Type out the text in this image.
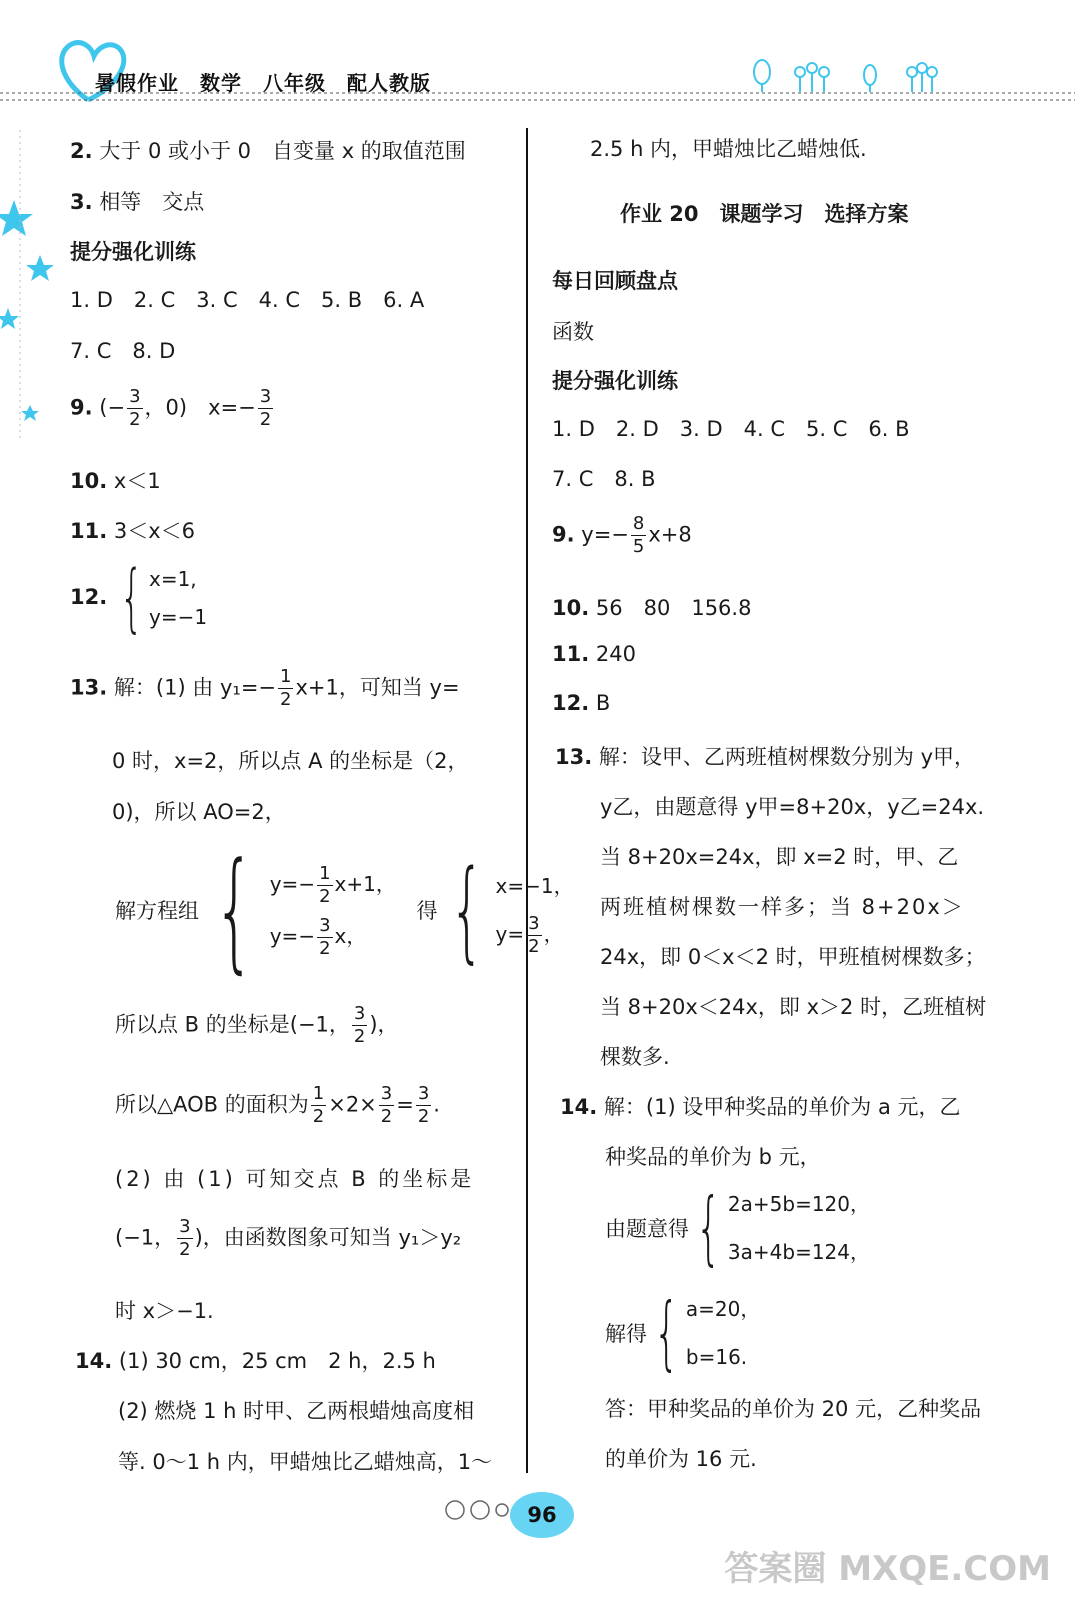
暑假作业　数学　八年级　配人教版
2. 大于 0 或小于 0　自变量 x 的取值范围
3. 相等　交点
提分强化训练
1. D　2. C　3. C　4. C　5. B　6. A
7. C　8. D
9. (− $\frac{3}{2}$ ，0)　$x=- \frac{3}{2}$
10. x＜1
11. 3＜x＜6
12. { x=1,
y=−1
13. 解：(1) 由 $y_1=- \frac{1}{2} x+1$，可知当 y=
0 时，x=2，所以点 A 的坐标是（2，
0)，所以 AO=2，
解方程组 { $y=- \frac{1}{2} x+1$，
$y=- \frac{3}{2}$ x，
得 { x=−1，
$y= \frac{3}{2}$ ，
所以点 B 的坐标是(−1， $\frac{3}{2}$ )，
所以△AOB 的面积为 $\frac{1}{2} \times 2\times \frac{3}{2} = \frac{3}{2}$ .
(2) 由 (1) 可知交点 B 的坐标是
(−1， $\frac{3}{2}$ )，由函数图象可知当 y₁＞y₂
时 x＞−1.
14. (1) 30 cm，25 cm　2 h，2.5 h
(2) 燃烧 1 h 时甲、乙两根蜡烛高度相
等. 0～1 h 内，甲蜡烛比乙蜡烛高，1～
2.5 h 内，甲蜡烛比乙蜡烛低.
作业 20　课题学习　选择方案
每日回顾盘点
函数
提分强化训练
1. D　2. D　3. D　4. C　5. C　6. B
7. C　8. B
9. $y=- \frac{8}{5} x+8$
10. 56　80　156.8
11. 240
12. B
13. 解：设甲、乙两班植树棵数分别为 y甲，
y乙，由题意得 y甲=8+20x，y乙=24x.
当 8+20x=24x，即 x=2 时，甲、乙
两班植树棵数一样多；当 8+20x＞
24x，即 0＜x＜2 时，甲班植树棵数多；
当 8+20x＜24x，即 x＞2 时，乙班植树
棵数多.
14. 解：(1) 设甲种奖品的单价为 a 元，乙
种奖品的单价为 b 元，
由题意得{ 2a+5b=120，
3a+4b=124，
解得{ a=20，
b=16.
答：甲种奖品的单价为 20 元，乙种奖品
的单价为 16 元.
96
答案圈 MXQE.COM
